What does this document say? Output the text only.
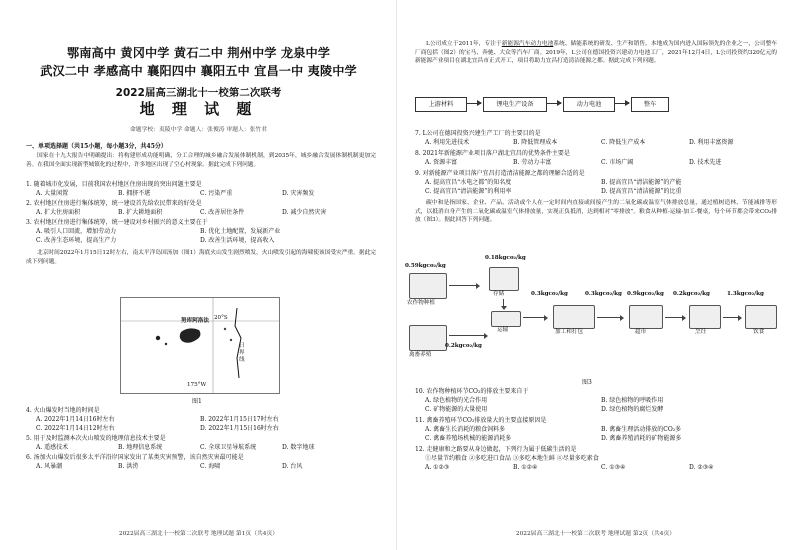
鄂南高中 黄冈中学 黄石二中 荆州中学 龙泉中学
武汉二中 孝感高中 襄阳四中 襄阳五中 宜昌一中 夷陵中学
2022届高三湖北十一校第二次联考
地 理 试 题
命题学校：夷陵中学 命题人：张俊涛 审题人：张竹君
一、单项选择题（共15小题，每小题3分，共45分）
国家在十九大报告中明确提出：将构建形成功能明确、分工合理的城乡融合发展体制机制，到2035年，城乡融合发展体制机制更加完善。在我国全面实现新型城镇化的过程中，许多地区出现了空心村现象。据此完成下列问题。
1. 随着城市化发展，目前我国农村地区住房出现的突出问题主要是
A. 大量闲置	B. 拥挤不堪	C. 污染严重	D. 灾害频发
2. 农村地区住房进行集体统筹，统一建设首先给农民带来的好处是
A. 扩大住房面积	B. 扩大耕地面积	C. 改善居住条件	D. 减少自然灾害
3. 农村地区住房进行集体统筹，统一建设对乡村振兴的意义主要在于
A. 吸引人口回流，增加劳动力	B. 优化土地配置，发展新产业
C. 改善生态环境，提高生产力	D. 改善生活环境，提高收入
北京时间2022年1月15日12时左右，南太平洋岛国汤加（图1）海底火山发生剧烈喷发，火山喷发引起的海啸使该国受灾严重。据此完成下列问题。
努库阿洛法 20°S
日界线
175°W
图1
4. 火山爆发时当地的时间是
A. 2022年1月14日16时左右	B. 2022年1月15日17时左右
C. 2022年1月14日12时左右	D. 2022年1月15日16时左右
5. 用于及时监测本次火山喷发的地理信息技术主要是
A. 遥感技术	B. 地理信息系统	C. 全球卫星导航系统	D. 数字地球
6. 汤加火山爆发后很多太平洋沿岸国家发出了某类灾害预警，该自然灾害最可能是
A. 风暴潮	B. 洪涝	C. 海啸	D. 台风
2022届高三湖北十一校第二次联考 地理试题 第1页（共4页）
L公司成立于2011年，专注于新能源汽车动力电池系统、储能系统的研发、生产和销售。本地成为国内进入国际领先的企业之一，公司整车厂商包括（图2）的宝马、奔驰、大众等汽车厂商。2019年，L公司在德国投资兴建动力电池工厂，2021年12月4日，L公司投资约320亿元的新能源产业项目在湖北宜昌市正式开工，项目将助力宜昌打造清洁能源之都。据此完成下列问题。
上游材料	锂电生产设备	动力电池	整车
7. L公司在德国投资兴建生产工厂的主要目的是
A. 利用先进技术	B. 降低管理成本	C. 降低生产成本	D. 利用丰富资源
8. 2021年新能源产业项目落户湖北宜昌的优势条件主要是
A. 资源丰富	B. 劳动力丰富	C. 市场广阔	D. 技术先进
9. 对新能源产业项目落户宜昌打造清洁能源之都的理解合适的是
A. 提高宜昌“水电之都”的知名度	B. 提高宜昌“清洁能源”的产能
C. 提高宜昌“清洁能源”的利用率	D. 提高宜昌“清洁能源”的比重
碳中和是指国家、企业、产品、活动或个人在一定时间内直接或间接产生的二氧化碳或温室气体排放总量，通过植树造林、节能减排等形式，以抵消自身产生的二氧化碳或温室气体排放量，实现正负抵消，达到相对“零排放”。粮食从种植-运输-加工-餐桌，每个环节都会带来CO₂排放（图3）。据此回答下列问题。
0.59kgco₂/kg
农作物种植
0.18kgco₂/kg
存储
运输
0.3kgco₂/kg
加工和打包
0.3kgco₂/kg 0.9kgco₂/kg
超市	烹饪
0.2kgco₂/kg	1.3kgco₂/kg
饮食
禽畜养殖
0.2kgco₂/kg
图3
10. 农作物种植环节CO₂的排放主要来自于
A. 绿色植物的光合作用	B. 绿色植物的呼吸作用
C. 矿物能源的大量使用	D. 绿色植物的腐烂发酵
11. 禽畜养殖环节CO₂排放量大的主要直接原因是
A. 禽畜生长消耗的粮食饲料多	B. 禽畜生理活动排放的CO₂多
C. 禽畜养殖场机械的能源消耗多	D. 禽畜养殖消耗的矿物能源多
12. 走健康和之路要从身边做起，下列行为属于低碳生活的是
①尽量节约粮食 ②多吃进口食品 ③多吃本地生鲜 ④尽量多吃素食
A. ①②③	B. ①②④	C. ①③④	D. ②③④
2022届高三湖北十一校第二次联考 地理试题 第2页（共4页）
